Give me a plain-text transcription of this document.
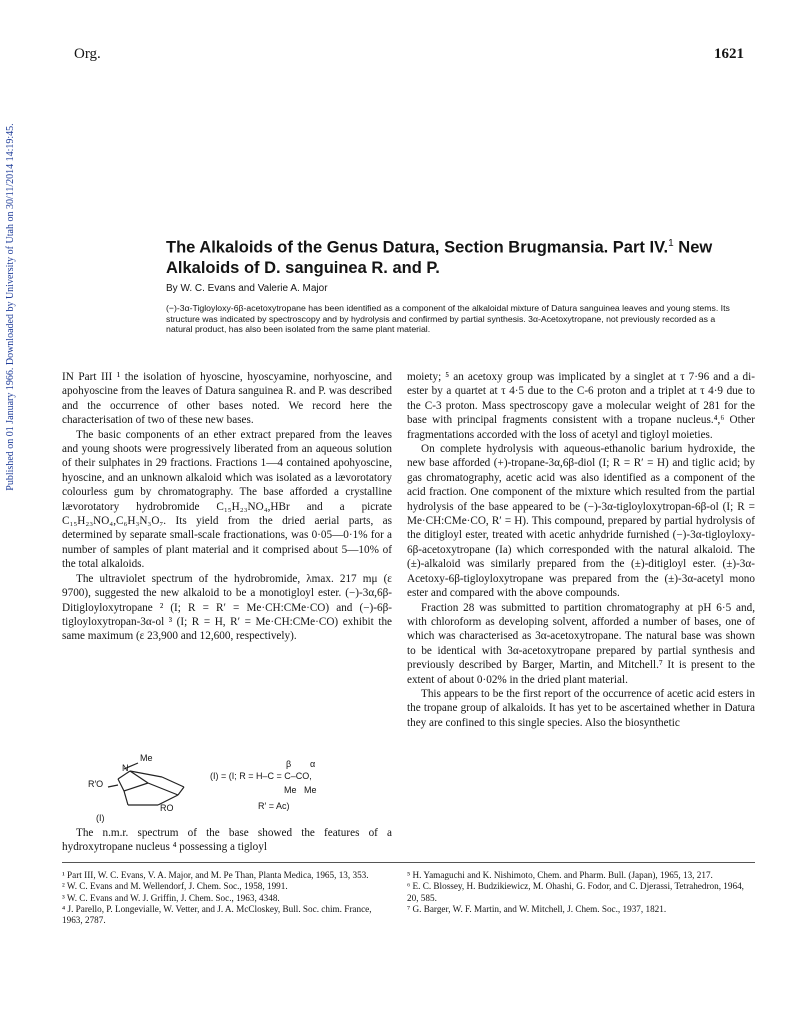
Org.	1621
Published on 01 January 1966. Downloaded by University of Utah on 30/11/2014 14:19:45.	The Alkaloids of the Genus Datura, Section Brugmansia. Part IV.$^1$ New
Alkaloids of D. sanguinea R. and P.
By W. C. Evans and Valerie A. Major
(−)-3α-Tigloyloxy-6β-acetoxytropane has been identified as a component of the alkaloidal mixture of Datura sanguinea leaves and young stems. Its structure was indicated by spectroscopy and by hydrolysis and confirmed by partial synthesis. 3α-Acetoxytropane, not previously recorded as a natural product, has also been isolated from the same plant material.

IN Part III ¹ the isolation of hyoscine, hyoscyamine, norhyoscine, and apohyoscine from the leaves of Datura sanguinea R. and P. was described and the occurrence of other bases noted. We record here the characterisation of two of these new bases.

The basic components of an ether extract prepared from the leaves and young shoots were progressively liberated from an aqueous solution of their sulphates in 29 fractions. Fractions 1—4 contained apohyoscine, hyoscine, and an unknown alkaloid which was isolated as a lævorotatory colourless gum by chromatography. The base afforded a crystalline lævorotatory hydrobromide C₁₅H₂₃NO₄,HBr and a picrate C₁₅H₂₃NO₄,C₆H₃N₃O₇. Its yield from the dried aerial parts, as determined by separate small-scale fractionations, was 0·05—0·1% for a number of samples of plant material and it comprised about 5—10% of the total alkaloids.

The ultraviolet spectrum of the hydrobromide, λmax. 217 mμ (ε 9700), suggested the new alkaloid to be a monotigloyl ester. (−)-3α,6β-Ditigloyloxytropane ² (I; R = R′ = Me·CH:CMe·CO) and (−)-6β-tigloyloxytropan-3α-ol ³ (I; R = H, R′ = Me·CH:CMe·CO) exhibit the same maximum (ε 23,900 and 12,600, respectively).

Me
N
R′O
RO
(I)
(I) = (I; R = H–C = C–CO,
β α
Me   Me
R′ = Ac)

The n.m.r. spectrum of the base showed the features of a hydroxytropane nucleus ⁴ possessing a tigloyl

moiety; ⁵ an acetoxy group was implicated by a singlet at τ 7·96 and a di-ester by a quartet at τ 4·5 due to the C-6 proton and a triplet at τ 4·9 due to the C-3 proton. Mass spectroscopy gave a molecular weight of 281 for the base with principal fragments consistent with a tropane nucleus.⁴,⁶ Other fragmentations accorded with the loss of acetyl and tigloyl moieties.

On complete hydrolysis with aqueous-ethanolic barium hydroxide, the new base afforded (+)-tropane-3α,6β-diol (I; R = R′ = H) and tiglic acid; by gas chromatography, acetic acid was also identified as a component of the acid fraction. One component of the mixture which resulted from the partial hydrolysis of the base appeared to be (−)-3α-tigloyloxytropan-6β-ol (I; R = Me·CH:CMe·CO, R′ = H). This compound, prepared by partial hydrolysis of the ditigloyl ester, treated with acetic anhydride furnished (−)-3α-tigloyloxy-6β-acetoxytropane (Ia) which corresponded with the natural alkaloid. The (±)-alkaloid was similarly prepared from the (±)-ditigloyl ester. (±)-3α-Acetoxy-6β-tigloyloxytropane was prepared from the (±)-3α-acetyl mono ester and compared with the above compounds.

Fraction 28 was submitted to partition chromatography at pH 6·5 and, with chloroform as developing solvent, afforded a number of bases, one of which was characterised as 3α-acetoxytropane. The natural base was shown to be identical with 3α-acetoxytropane prepared by partial synthesis and previously described by Barger, Martin, and Mitchell.⁷ It is present to the extent of about 0·02% in the dried plant material.

This appears to be the first report of the occurrence of acetic acid esters in the tropane group of alkaloids. It has yet to be ascertained whether in Datura they are confined to this single species. Also the biosynthetic

¹ Part III, W. C. Evans, V. A. Major, and M. Pe Than, Planta Medica, 1965, 13, 353.
² W. C. Evans and M. Wellendorf, J. Chem. Soc., 1958, 1991.
³ W. C. Evans and W. J. Griffin, J. Chem. Soc., 1963, 4348.
⁴ J. Parello, P. Longevialle, W. Vetter, and J. A. McCloskey, Bull. Soc. chim. France, 1963, 2787.
⁵ H. Yamaguchi and K. Nishimoto, Chem. and Pharm. Bull. (Japan), 1965, 13, 217.
⁶ E. C. Blossey, H. Budzikiewicz, M. Ohashi, G. Fodor, and C. Djerassi, Tetrahedron, 1964, 20, 585.
⁷ G. Barger, W. F. Martin, and W. Mitchell, J. Chem. Soc., 1937, 1821.
